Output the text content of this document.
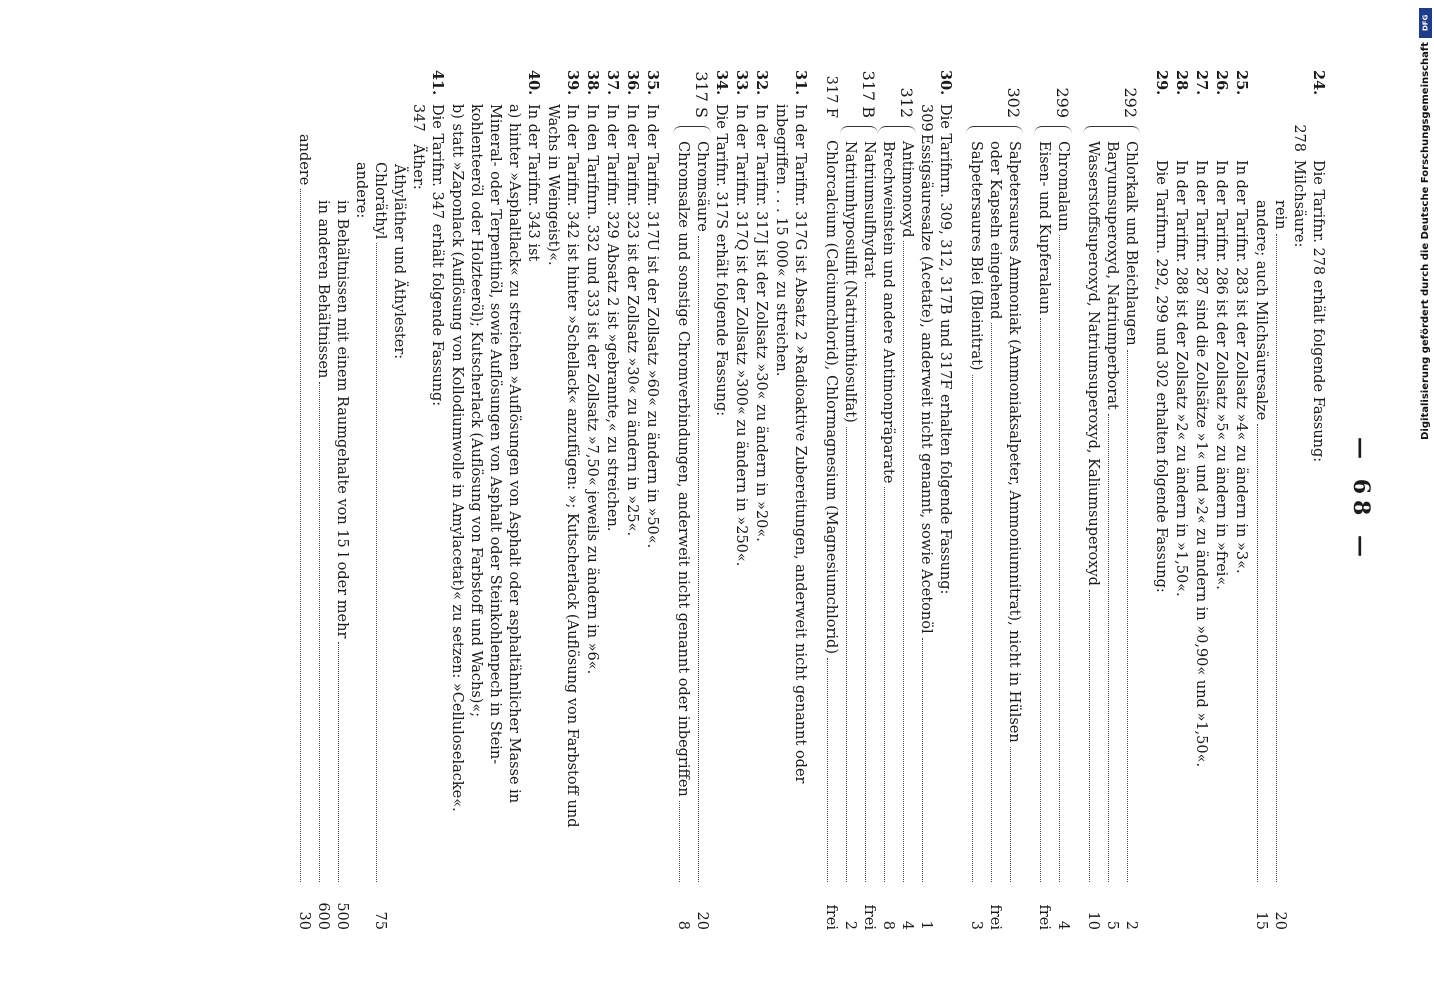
— 68 —
24.
Die Tarifnr. 278 erhält folgende Fassung:
278
Milchsäure:
rein
20
andere; auch Milchsäuresalze
15
25.
In der Tarifnr. 283 ist der Zollsatz »4« zu ändern in »3«.
26.
In der Tarifnr. 286 ist der Zollsatz »5« zu ändern in »frei«.
27.
In der Tarifnr. 287 sind die Zollsätze »1« und »2« zu ändern in »0,90« und »1,50«.
28.
In der Tarifnr. 288 ist der Zollsatz »2« zu ändern in »1,50«.
29.
Die Tarifnrn. 292, 299 und 302 erhalten folgende Fassung:
292
Chlorkalk und Bleichlaugen
2
Baryumsuperoxyd, Natriumperborat
5
Wasserstoffsuperoxyd, Natriumsuperoxyd, Kaliumsuperoxyd
10
299
Chromalaun
4
Eisen- und Kupferalaun
frei
302
Salpetersaures Ammoniak (Ammoniaksalpeter, Ammoniumnitrat), nicht in Hülsen
oder Kapseln eingehend
frei
Salpetersaures Blei (Bleinitrat)
3
30.
Die Tarifnrn. 309, 312, 317B und 317F erhalten folgende Fassung:
309
Essigsäuresalze (Acetate), anderweit nicht genannt, sowie Acetonöl
1
312
Antimonoxyd
4
Brechweinstein und andere Antimonpräparate
8
317 B
Natriumsulfhydrat
frei
Natriumhyposulfit (Natriumthiosulfat)
2
317 F
Chlorcalcium (Calciumchlorid), Chlormagnesium (Magnesiumchlorid)
frei
31.
In der Tarifnr. 317G ist Absatz 2 »Radioaktive Zubereitungen, anderweit nicht genannt oder
inbegriffen . . . 15 000« zu streichen.
32.
In der Tarifnr. 317J ist der Zollsatz »30« zu ändern in »20«.
33.
In der Tarifnr. 317Q ist der Zollsatz »300« zu ändern in »250«.
34.
Die Tarifnr. 317S erhält folgende Fassung:
317 S
Chromsäure
20
Chromsalze und sonstige Chromverbindungen, anderweit nicht genannt oder inbegriffen
8
35.
In der Tarifnr. 317U ist der Zollsatz »60« zu ändern in »50«.
36.
In der Tarifnr. 323 ist der Zollsatz »30« zu ändern in »25«.
37.
In der Tarifnr. 329 Absatz 2 ist »gebrannte,« zu streichen.
38.
In den Tarifnrn. 332 und 333 ist der Zollsatz »7,50« jeweils zu ändern in »6«.
39.
In der Tarifnr. 342 ist hinter »Schellack« anzufügen: »; Kutscherlack (Auflösung von Farbstoff und
Wachs in Weingeist)«.
40.
In der Tarifnr. 343 ist
a) hinter »Asphaltlack« zu streichen »Auflösungen von Asphalt oder asphaltähnlicher Masse in
Mineral- oder Terpentinöl, sowie Auflösungen von Asphalt oder Steinkohlenpech in Stein-
kohlenteeröl oder Holzteeröl); Kutscherlack (Auflösung von Farbstoff und Wachs)«;
b) statt »Zaponlack (Auflösung von Kollodiumwolle in Amylacetat)« zu setzen: »Celluloselacke«.
41.
Die Tarifnr. 347 erhält folgende Fassung:
347
Äther:
Äthyläther und Äthylester:
Chloräthyl
75
andere:
in Behältnissen mit einem Raumgehalte von 15 l oder mehr
500
in anderen Behältnissen
600
andere
30
DFG
Digitalisierung gefördert durch die Deutsche Forschungsgemeinschaft
